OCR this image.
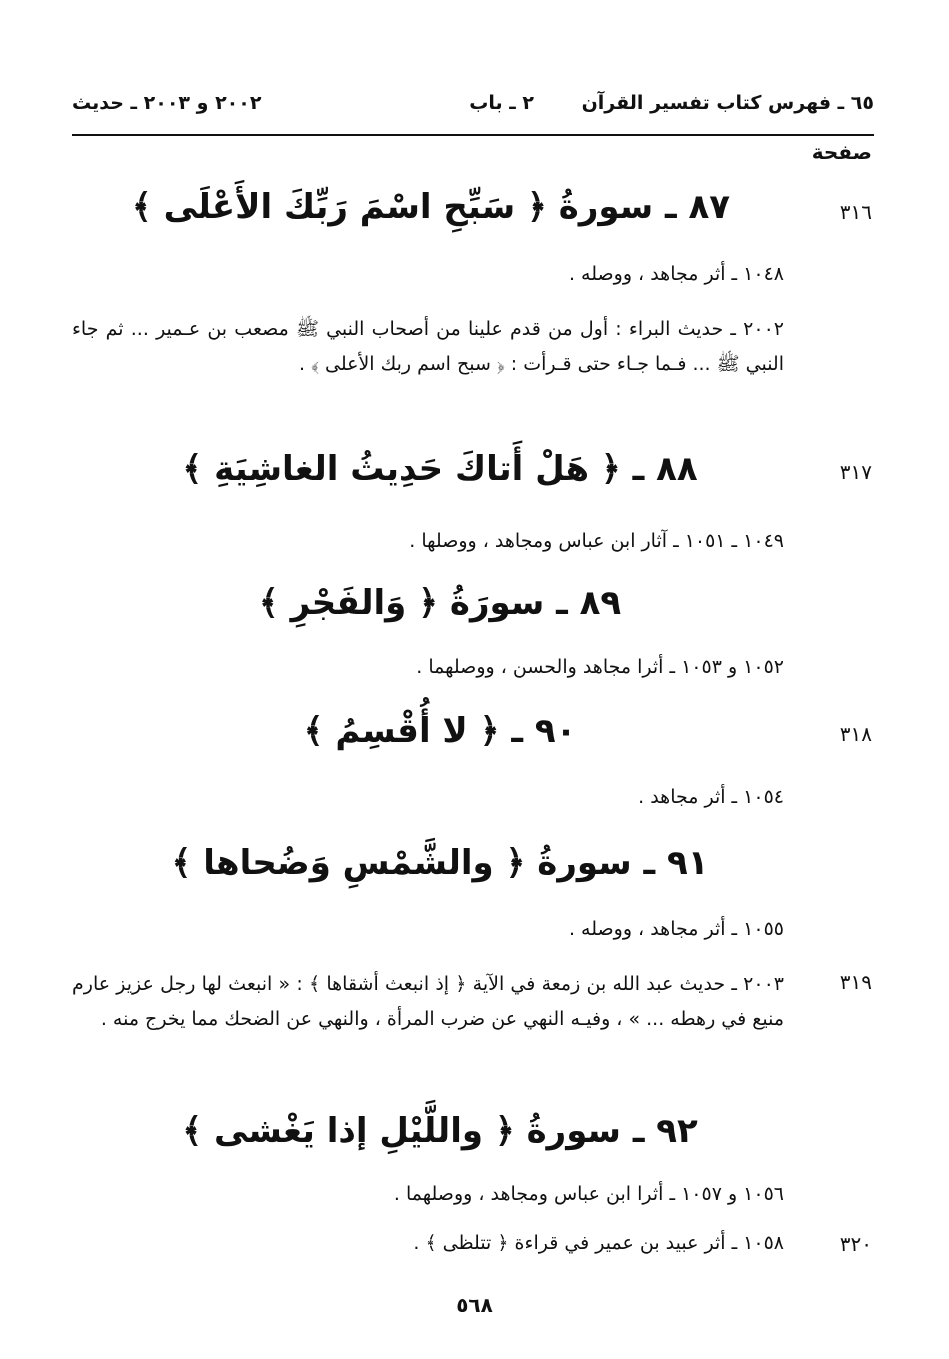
٦٥ ـ فهرس كتاب تفسير القرآن
٢ ـ باب
٢٠٠٢ و ٢٠٠٣ ـ حديث
صفحة
٣١٦
٨٧ ـ سورةُ ﴿ سَبِّحِ اسْمَ رَبِّكَ الأَعْلَى ﴾
١٠٤٨ ـ أثر مجاهد ، ووصله .
٢٠٠٢ ـ حديث البراء : أول من قدم علينا من أصحاب النبي ﷺ مصعب بن عـمير ... ثم جاء النبي ﷺ ... فـما جـاء حتى قـرأت : ﴿ سبح اسم ربك الأعلى ﴾ .
٣١٧
٨٨ ـ ﴿ هَلْ أَتاكَ حَدِيثُ الغاشِيَةِ ﴾
١٠٤٩ ـ ١٠٥١ ـ آثار ابن عباس ومجاهد ، ووصلها .
٨٩ ـ سورَةُ ﴿ وَالفَجْرِ ﴾
١٠٥٢ و ١٠٥٣ ـ أثرا مجاهد والحسن ، ووصلهما .
٣١٨
٩٠ ـ ﴿ لا أُقْسِمُ ﴾
١٠٥٤ ـ أثر مجاهد .
٩١ ـ سورةُ ﴿ والشَّمْسِ وَضُحاها ﴾
١٠٥٥ ـ أثر مجاهد ، ووصله .
٣١٩
٢٠٠٣ ـ حديث عبد الله بن زمعة في الآية ﴿ إذ انبعث أشقاها ﴾ : « انبعث لها رجل عزيز عارم منيع في رهطه ... » ، وفيـه النهي عن ضرب المرأة ، والنهي عن الضحك مما يخرج منه .
٩٢ ـ سورةُ ﴿ واللَّيْلِ إذا يَغْشى ﴾
١٠٥٦ و ١٠٥٧ ـ أثرا ابن عباس ومجاهد ، ووصلهما .
٣٢٠
١٠٥٨ ـ أثر عبيد بن عمير في قراءة ﴿ تتلظى ﴾ .
٥٦٨
